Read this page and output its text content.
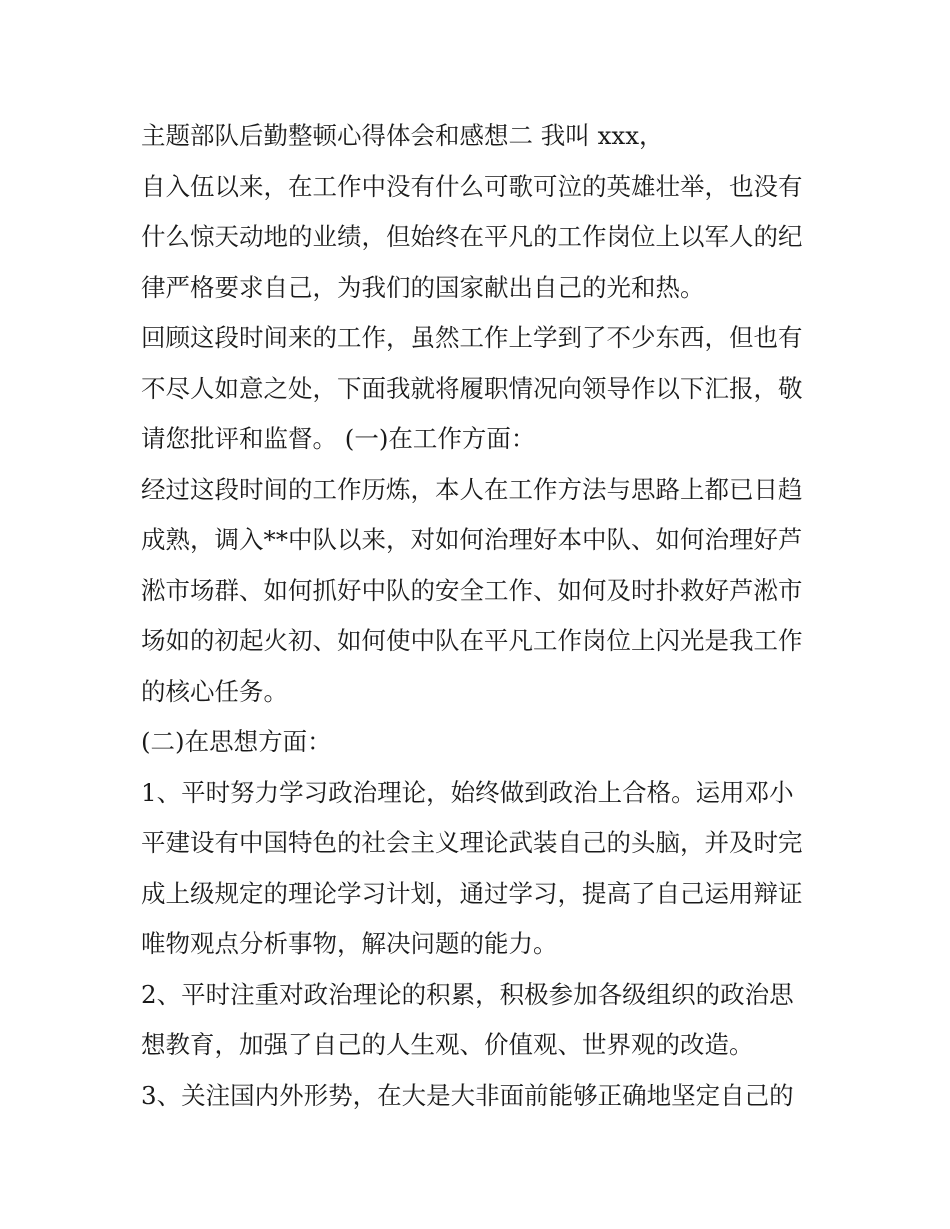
主题部队后勤整顿心得体会和感想二 我叫 xxx，
自入伍以来，在工作中没有什么可歌可泣的英雄壮举，也没有
什么惊天动地的业绩，但始终在平凡的工作岗位上以军人的纪
律严格要求自己，为我们的国家献出自己的光和热。
回顾这段时间来的工作，虽然工作上学到了不少东西，但也有
不尽人如意之处，下面我就将履职情况向领导作以下汇报，敬
请您批评和监督。 (一)在工作方面：
经过这段时间的工作历炼，本人在工作方法与思路上都已日趋
成熟，调入**中队以来，对如何治理好本中队、如何治理好芦
淞市场群、如何抓好中队的安全工作、如何及时扑救好芦淞市
场如的初起火初、如何使中队在平凡工作岗位上闪光是我工作
的核心任务。
(二)在思想方面：
1、平时努力学习政治理论，始终做到政治上合格。运用邓小
平建设有中国特色的社会主义理论武装自己的头脑，并及时完
成上级规定的理论学习计划，通过学习，提高了自己运用辩证
唯物观点分析事物，解决问题的能力。
2、平时注重对政治理论的积累，积极参加各级组织的政治思
想教育，加强了自己的人生观、价值观、世界观的改造。
3、关注国内外形势，在大是大非面前能够正确地坚定自己的
